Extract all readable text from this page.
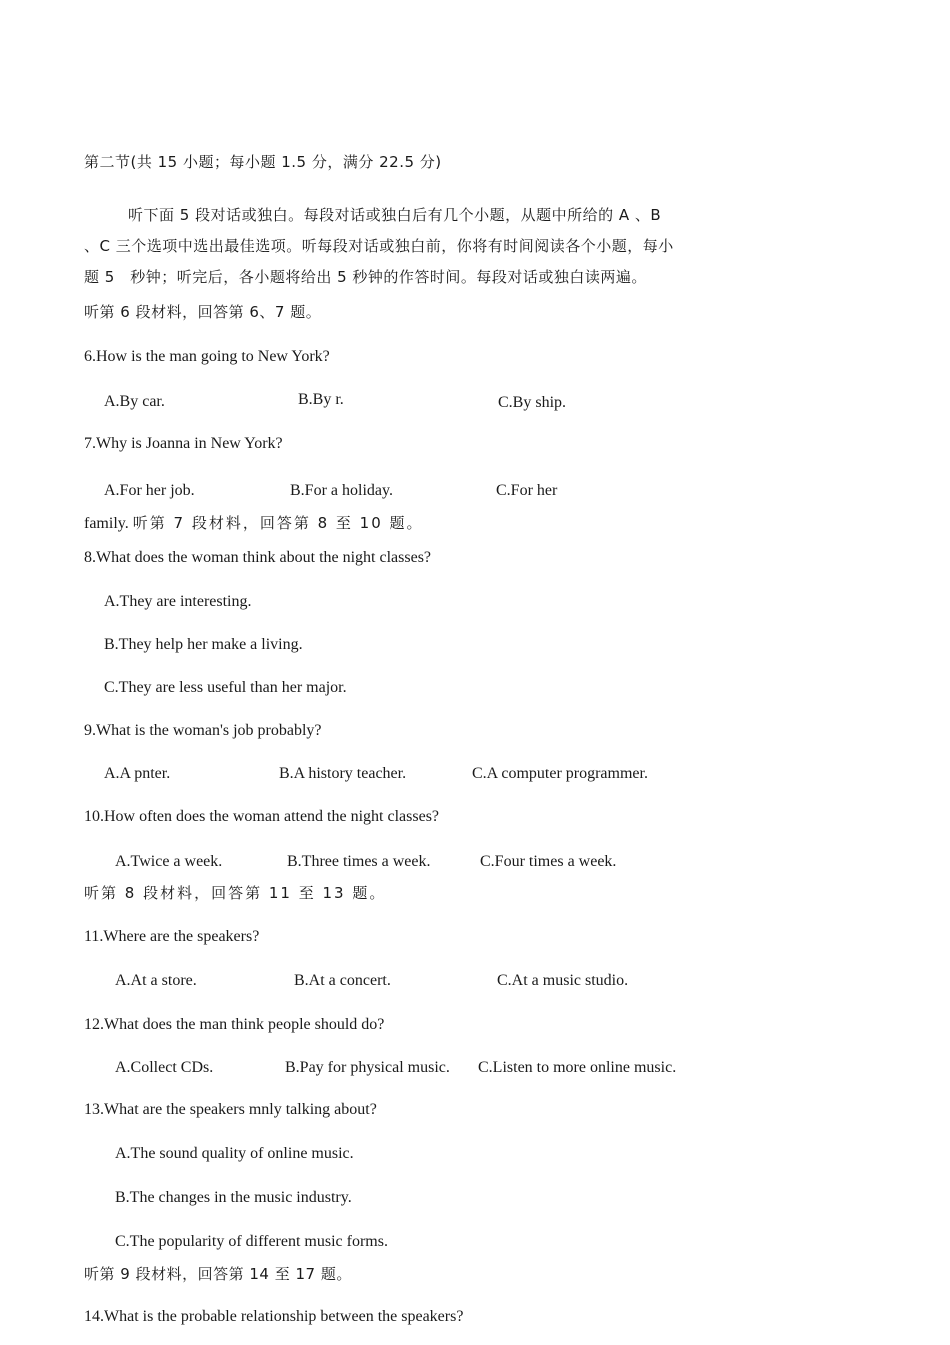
第二节(共 15 小题；每小题 1.5 分，满分 22.5 分)
听下面 5 段对话或独白。每段对话或独白后有几个小题，从题中所给的 A 、B
、C 三个选项中选出最佳选项。听每段对话或独白前，你将有时间阅读各个小题，每小
题 5　秒钟；听完后，各小题将给出 5 秒钟的作答时间。每段对话或独白读两遍。
听第 6 段材料，回答第 6、7 题。
6.How is the man going to New York?
A.By car.	B.By r.	C.By ship.
7.Why is Joanna in New York?
A.For her job.	B.For a holiday.	C.For her
family. 听第 7 段材料，回答第 8 至 10 题。
8.What does the woman think about the night classes?
A.They are interesting.
B.They help her make a living.
C.They are less useful than her major.
9.What is the woman's job probably?
A.A pnter.	B.A history teacher.	C.A computer programmer.
10.How often does the woman attend the night classes?
A.Twice a week.	B.Three times a week.	C.Four times a week.
听第 8 段材料，回答第 11 至 13 题。
11.Where are the speakers?
A.At a store.	B.At a concert.	C.At a music studio.
12.What does the man think people should do?
A.Collect CDs.	B.Pay for physical music. C.Listen to more online music.
13.What are the speakers mnly talking about?
A.The sound quality of online music.
B.The changes in the music industry.
C.The popularity of different music forms.
听第 9 段材料，回答第 14 至 17 题。
14.What is the probable relationship between the speakers?
